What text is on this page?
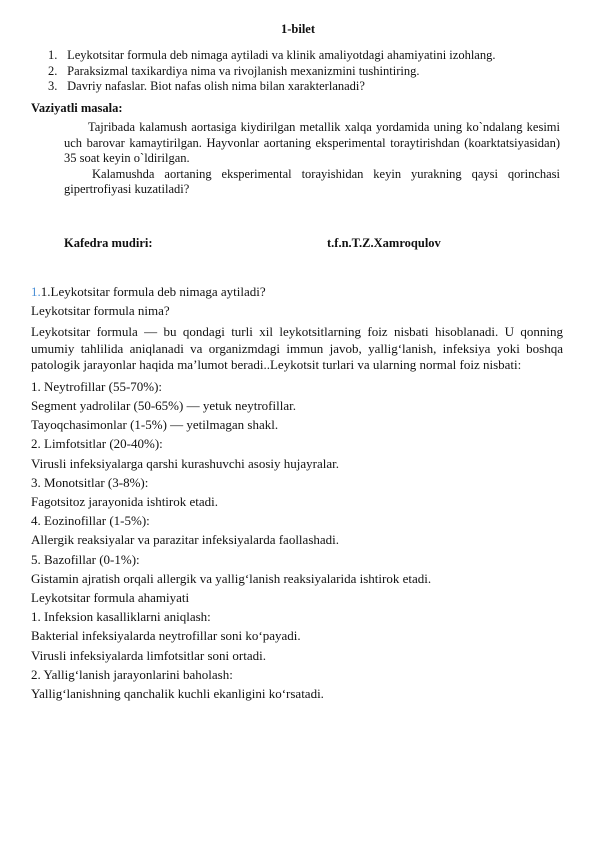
1-bilet
1. Leykotsitar formula deb nimaga aytiladi va klinik amaliyotdagi ahamiyatini izohlang.
2. Paraksizmal taxikardiya nima va rivojlanish mexanizmini tushintiring.
3. Davriy nafaslar. Biot nafas olish nima bilan xarakterlanadi?
Vaziyatli masala:

Tajribada kalamush aortasiga kiydirilgan metallik xalqa yordamida uning ko`ndalang kesimi uch barovar kamaytirilgan. Hayvonlar aortaning eksperimental toraytirishdan (koarktatsiyasidan) 35 soat keyin o`ldirilgan.

Kalamushda aortaning eksperimental torayishidan keyin yurakning qaysi qorinchasi gipertrofiyasi kuzatiladi?

Kafedra mudiri:	t.f.n.T.Z.Xamroqulov
1.1.Leykotsitar formula deb nimaga aytiladi?
Leykotsitar formula nima?
Leykotsitar formula — bu qondagi turli xil leykotsitlarning foiz nisbati hisoblanadi. U qonning umumiy tahlilida aniqlanadi va organizmdagi immun javob, yallig‘lanish, infeksiya yoki boshqa patologik jarayonlar haqida ma’lumot beradi..Leykotsit turlari va ularning normal foiz nisbati:
1. Neytrofillar (55-70%):
Segment yadrolilar (50-65%) — yetuk neytrofillar.
Tayoqchasimonlar (1-5%) — yetilmagan shakl.
2. Limfotsitlar (20-40%):
Virusli infeksiyalarga qarshi kurashuvchi asosiy hujayralar.
3. Monotsitlar (3-8%):
Fagotsitoz jarayonida ishtirok etadi.
4. Eozinofillar (1-5%):
Allergik reaksiyalar va parazitar infeksiyalarda faollashadi.
5. Bazofillar (0-1%):
Gistamin ajratish orqali allergik va yallig‘lanish reaksiyalarida ishtirok etadi.
Leykotsitar formula ahamiyati
1. Infeksion kasalliklarni aniqlash:
Bakterial infeksiyalarda neytrofillar soni ko‘payadi.
Virusli infeksiyalarda limfotsitlar soni ortadi.
2. Yallig‘lanish jarayonlarini baholash:
Yallig‘lanishning qanchalik kuchli ekanligini ko‘rsatadi.
